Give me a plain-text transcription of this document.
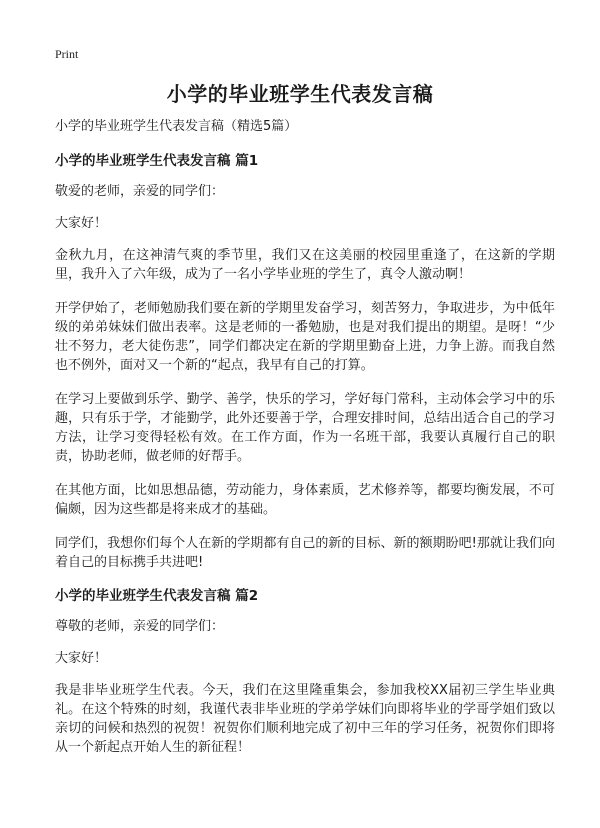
Print
小学的毕业班学生代表发言稿

小学的毕业班学生代表发言稿（精选5篇）

小学的毕业班学生代表发言稿 篇1

敬爱的老师，亲爱的同学们：

大家好！

金秋九月，在这神清气爽的季节里，我们又在这美丽的校园里重逢了，在这新的学期里，我升入了六年级，成为了一名小学毕业班的学生了，真令人激动啊！

开学伊始了，老师勉励我们要在新的学期里发奋学习，刻苦努力，争取进步，为中低年级的弟弟妹妹们做出表率。这是老师的一番勉励，也是对我们提出的期望。是呀！“少壮不努力，老大徒伤悲”，同学们都决定在新的学期里勤奋上进，力争上游。而我自然也不例外，面对又一个新的“起点，我早有自己的打算。

在学习上要做到乐学、勤学、善学，快乐的学习，学好每门常科，主动体会学习中的乐趣，只有乐于学，才能勤学，此外还要善于学，合理安排时间，总结出适合自己的学习方法，让学习变得轻松有效。在工作方面，作为一名班干部，我要认真履行自己的职责，协助老师，做老师的好帮手。

在其他方面，比如思想品德，劳动能力，身体素质，艺术修养等，都要均衡发展，不可偏颇，因为这些都是将来成才的基础。

同学们，我想你们每个人在新的学期都有自己的新的目标、新的额期盼吧!那就让我们向着自己的目标携手共进吧!

小学的毕业班学生代表发言稿 篇2

尊敬的老师，亲爱的同学们：

大家好！

我是非毕业班学生代表。今天，我们在这里隆重集会，参加我校XX届初三学生毕业典礼。在这个特殊的时刻，我谨代表非毕业班的学弟学妹们向即将毕业的学哥学姐们致以亲切的问候和热烈的祝贺！祝贺你们顺利地完成了初中三年的学习任务，祝贺你们即将从一个新起点开始人生的新征程！
